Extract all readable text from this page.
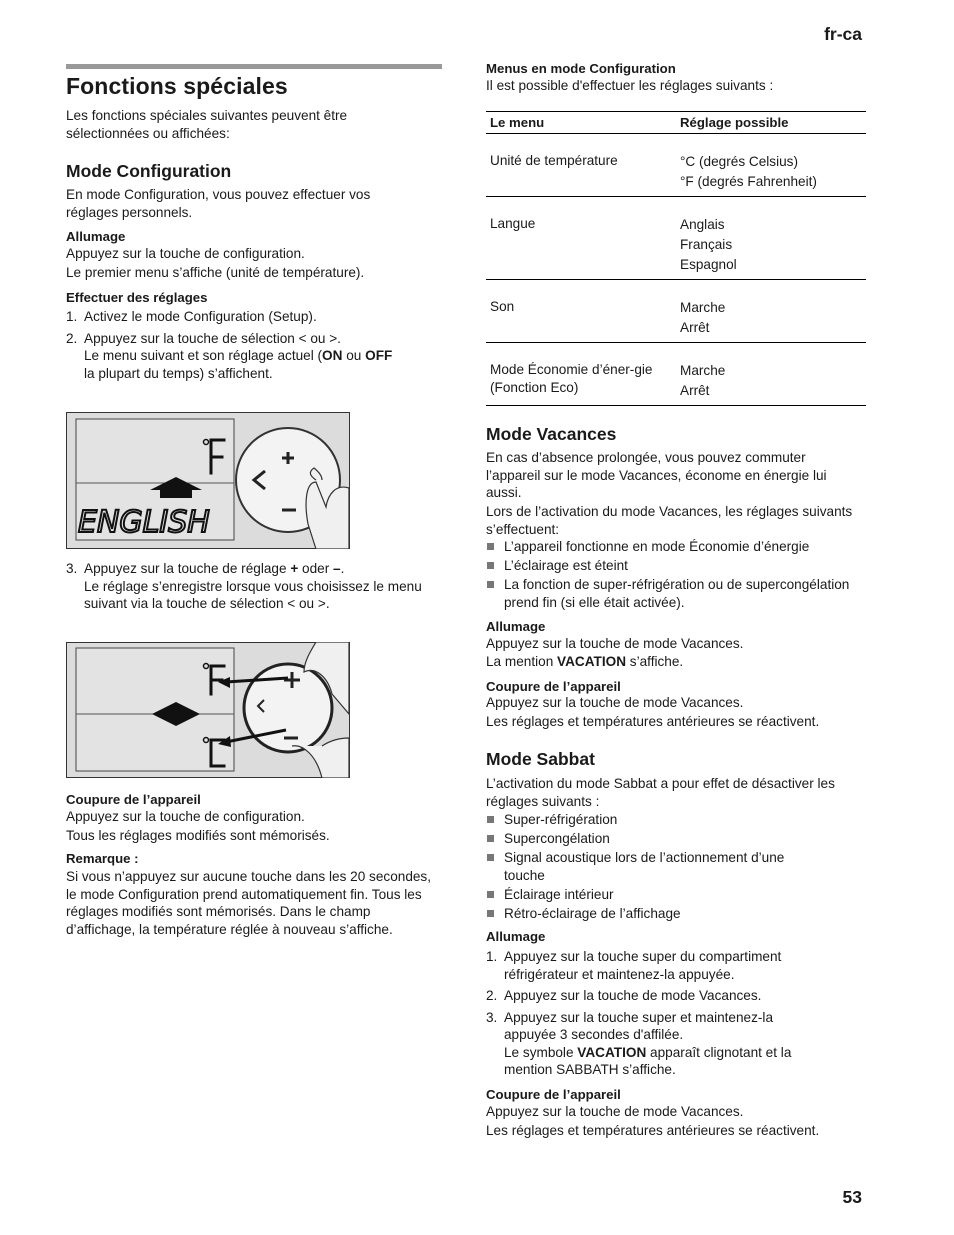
fr-ca
53
Fonctions spéciales

Les fonctions spéciales suivantes peuvent être sélectionnées ou affichées:

Mode Configuration

En mode Configuration, vous pouvez effectuer vos réglages personnels.

Allumage

Appuyez sur la touche de configuration.

Le premier menu s’affiche (unité de température).

Effectuer des réglages
1. Activez le mode Configuration (Setup).
2. Appuyez sur la touche de sélection < ou >.
Le menu suivant et son réglage actuel (ON ou OFF
la plupart du temps) s’affichent.
ENGLISH
3. Appuyez sur la touche de réglage + oder –.
Le réglage s’enregistre lorsque vous choisissez le menu suivant via la touche de sélection < ou >.
Coupure de l’appareil

Appuyez sur la touche de configuration.

Tous les réglages modifiés sont mémorisés.

Remarque :

Si vous n’appuyez sur aucune touche dans les 20 secondes, le mode Configuration prend automatiquement fin. Tous les réglages modifiés sont mémorisés. Dans le champ d’affichage, la température réglée à nouveau s’affiche.

Menus en mode Configuration

Il est possible d'effectuer les réglages suivants :

Le menu	Réglage possible
Unité de température	°C (degrés Celsius)
°F (degrés Fahrenheit)

Langue	Anglais
Français
Espagnol

Son	Marche
Arrêt

Mode Économie d’éner-gie (Fonction Eco)	Marche
Arrêt
Mode Vacances

En cas d’absence prolongée, vous pouvez commuter l’appareil sur le mode Vacances, économe en énergie lui aussi.

Lors de l’activation du mode Vacances, les réglages suivants s’effectuent:

L’appareil fonctionne en mode Économie d’énergie
L’éclairage est éteint
La fonction de super-réfrigération ou de supercongélation prend fin (si elle était activée).
Allumage

Appuyez sur la touche de mode Vacances.

La mention VACATION s’affiche.

Coupure de l’appareil

Appuyez sur la touche de mode Vacances.

Les réglages et températures antérieures se réactivent.

Mode Sabbat

L’activation du mode Sabbat a pour effet de désactiver les réglages suivants :

Super-réfrigération
Supercongélation
Signal acoustique lors de l’actionnement d’une touche
Éclairage intérieur
Rétro-éclairage de l’affichage
Allumage
1. Appuyez sur la touche super du compartiment réfrigérateur et maintenez-la appuyée.
2. Appuyez sur la touche de mode Vacances.
3. Appuyez sur la touche super et maintenez-la appuyée 3 secondes d'affilée.
Le symbole VACATION apparaît clignotant et la mention SABBATH s’affiche.
Coupure de l’appareil

Appuyez sur la touche de mode Vacances.

Les réglages et températures antérieures se réactivent.
